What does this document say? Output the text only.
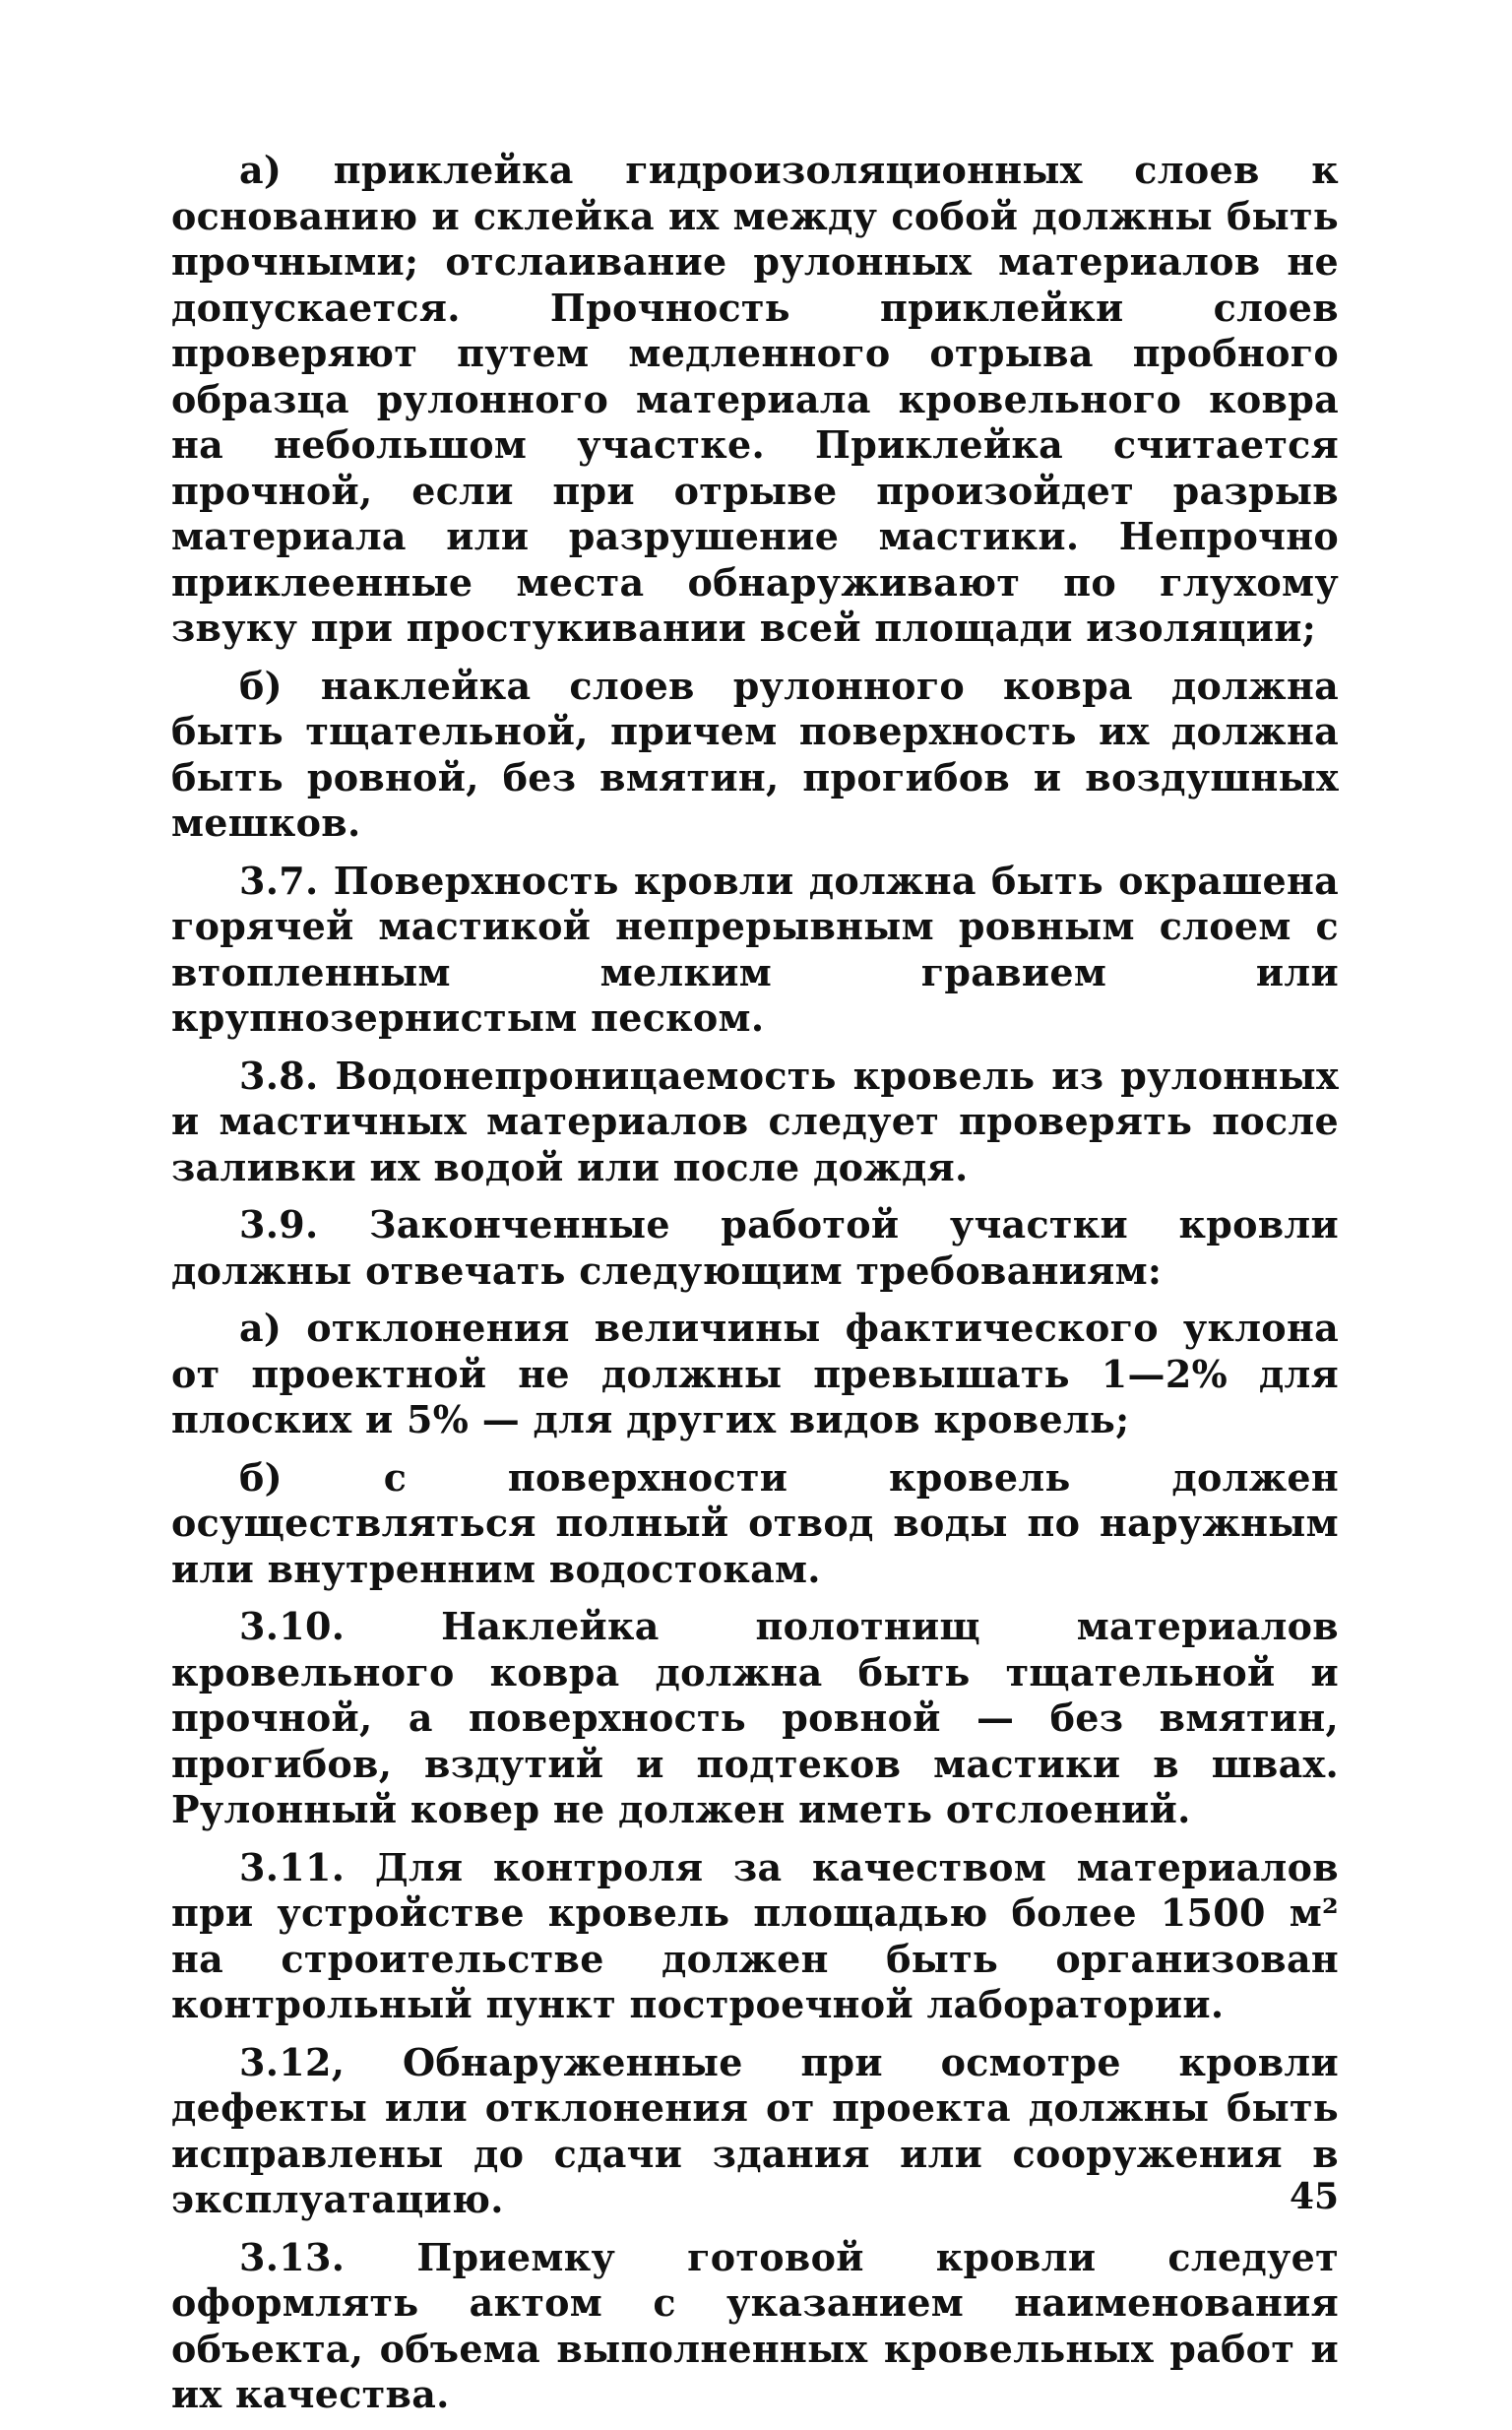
а) приклейка гидроизоляционных слоев к основанию и склейка их между собой должны быть прочными; отслаивание рулонных материалов не допускается. Прочность приклейки слоев проверяют путем медленного отрыва пробного образца рулонного материала кровельного ковра на небольшом участке. Приклейка считается прочной, если при отрыве произойдет разрыв материала или разрушение мастики. Непрочно приклеенные места обнаруживают по глухому звуку при простукивании всей площади изоляции;

б) наклейка слоев рулонного ковра должна быть тщательной, причем поверхность их должна быть ровной, без вмятин, прогибов и воздушных мешков.

3.7. Поверхность кровли должна быть окрашена горячей мастикой непрерывным ровным слоем с втопленным мелким гравием или крупнозернистым песком.

3.8. Водонепроницаемость кровель из рулонных и мастичных материалов следует проверять после заливки их водой или после дождя.

3.9. Законченные работой участки кровли должны отвечать следующим требованиям:

а) отклонения величины фактического уклона от проектной не должны превышать 1—2% для плоских и 5% — для других видов кровель;

б) с поверхности кровель должен осуществляться полный отвод воды по наружным или внутренним водостокам.

3.10.	Наклейка полотнищ материалов кровельного ковра должна быть тщательной и прочной, а поверхность ровной — без вмятин, прогибов, вздутий и подтеков мастики в швах. Рулонный ковер не должен иметь отслоений.

3.11. Для контроля за качеством материалов при устройстве кровель площадью более 1500 м² на строительстве должен быть организован контрольный пункт построечной лаборатории.

3.12, Обнаруженные при осмотре кровли дефекты или отклонения от проекта должны быть исправлены до сдачи здания или сооружения в эксплуатацию.

3.13. Приемку готовой кровли следует оформлять актом с указанием наименования объекта, объема выполненных кровельных работ и их качества.

45
